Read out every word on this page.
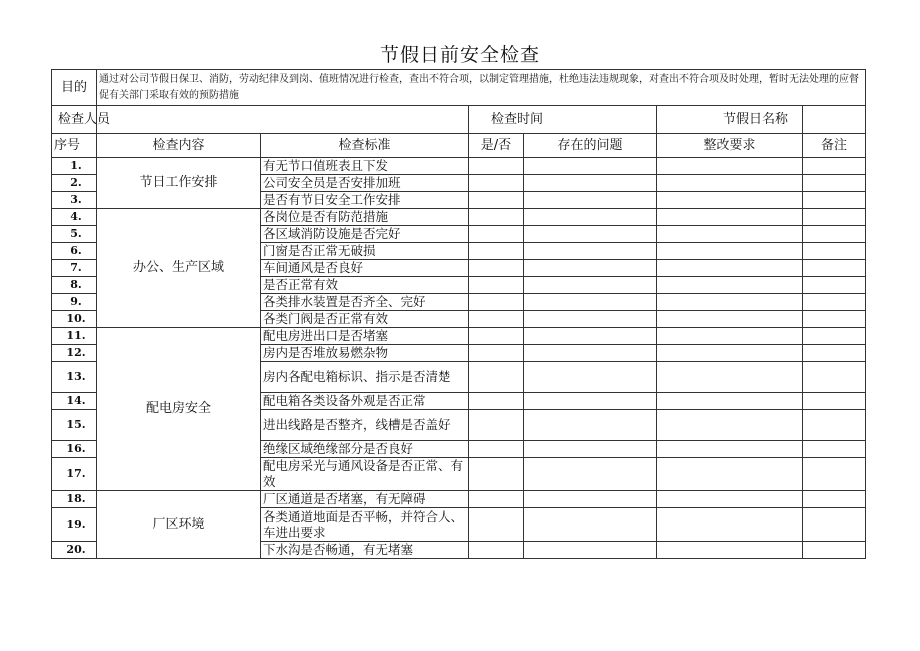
节假日前安全检查
目的	通过对公司节假日保卫、消防，劳动纪律及到岗、值班情况进行检查，查出不符合项，以制定管理措施，杜绝违法违规现象，对查出不符合项及时处理，暂时无法处理的应督促有关部门采取有效的预防措施					
检查人员			检查时间		节假日名称	
序号	检查内容	检查标准	是/否	存在的问题	整改要求	备注
1.	节日工作安排	有无节口值班表且下发				
2.		公司安全员是否安排加班				
3.		是否有节日安全工作安排				
4.	办公、生产区域	各岗位是否有防范措施				
5.		各区域消防设施是否完好				
6.		门窗是否正常无破损				
7.		车间通风是否良好				
8.		是否正常有效				
9.		各类排水装置是否齐全、完好				
10.		各类门阀是否正常有效				
11.	配电房安全	配电房进出口是否堵塞				
12.		房内是否堆放易燃杂物				
13.		房内各配电箱标识、指示是否清楚				
14.		配电箱各类设备外观是否正常				
15.		进出线路是否整齐，线槽是否盖好				
16.		绝缘区域绝缘部分是否良好				
17.		配电房采光与通风设备是否正常、有效				
18.	厂区环境	厂区通道是否堵塞，有无障碍				
19.		各类通道地面是否平畅，并符合人、车进出要求				
20.		下水沟是否畅通，有无堵塞				
